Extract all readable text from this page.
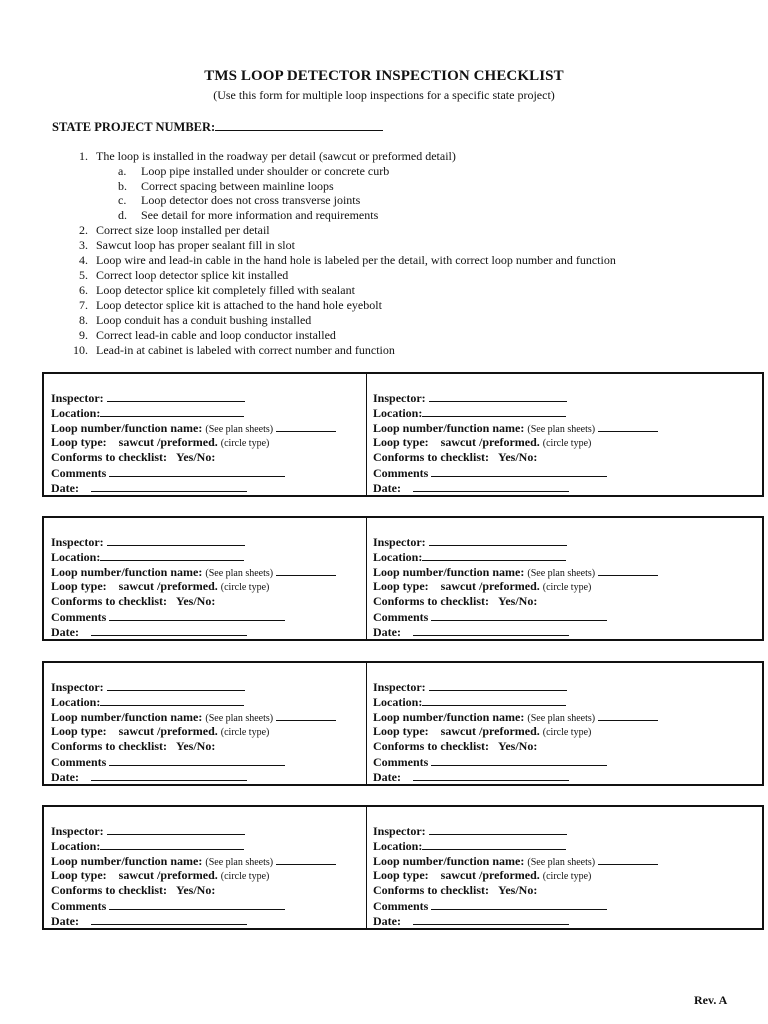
TMS LOOP DETECTOR INSPECTION CHECKLIST
(Use this form for multiple loop inspections for a specific state project)
STATE PROJECT NUMBER:
1. The loop is installed in the roadway per detail (sawcut or preformed detail)
a. Loop pipe installed under shoulder or concrete curb
b. Correct spacing between mainline loops
c. Loop detector does not cross transverse joints
d. See detail for more information and requirements
2. Correct size loop installed per detail
3. Sawcut loop has proper sealant fill in slot
4. Loop wire and lead-in cable in the hand hole is labeled per the detail, with correct loop number and function
5. Correct loop detector splice kit installed
6. Loop detector splice kit completely filled with sealant
7. Loop detector splice kit is attached to the hand hole eyebolt
8. Loop conduit has a conduit bushing installed
9. Correct lead-in cable and loop conductor installed
10. Lead-in at cabinet is labeled with correct number and function
Inspector:
Location:
Loop number/function name: (See plan sheets)
Loop type: sawcut /preformed. (circle type)
Conforms to checklist: Yes/No:
Comments
Date:
Inspector:
Location:
Loop number/function name: (See plan sheets)
Loop type: sawcut /preformed. (circle type)
Conforms to checklist: Yes/No:
Comments
Date:
Inspector:
Location:
Loop number/function name: (See plan sheets)
Loop type: sawcut /preformed. (circle type)
Conforms to checklist: Yes/No:
Comments
Date:
Inspector:
Location:
Loop number/function name: (See plan sheets)
Loop type: sawcut /preformed. (circle type)
Conforms to checklist: Yes/No:
Comments
Date:
Inspector:
Location:
Loop number/function name: (See plan sheets)
Loop type: sawcut /preformed. (circle type)
Conforms to checklist: Yes/No:
Comments
Date:
Inspector:
Location:
Loop number/function name: (See plan sheets)
Loop type: sawcut /preformed. (circle type)
Conforms to checklist: Yes/No:
Comments
Date:
Inspector:
Location:
Loop number/function name: (See plan sheets)
Loop type: sawcut /preformed. (circle type)
Conforms to checklist: Yes/No:
Comments
Date:
Inspector:
Location:
Loop number/function name: (See plan sheets)
Loop type: sawcut /preformed. (circle type)
Conforms to checklist: Yes/No:
Comments
Date:
Rev. A
